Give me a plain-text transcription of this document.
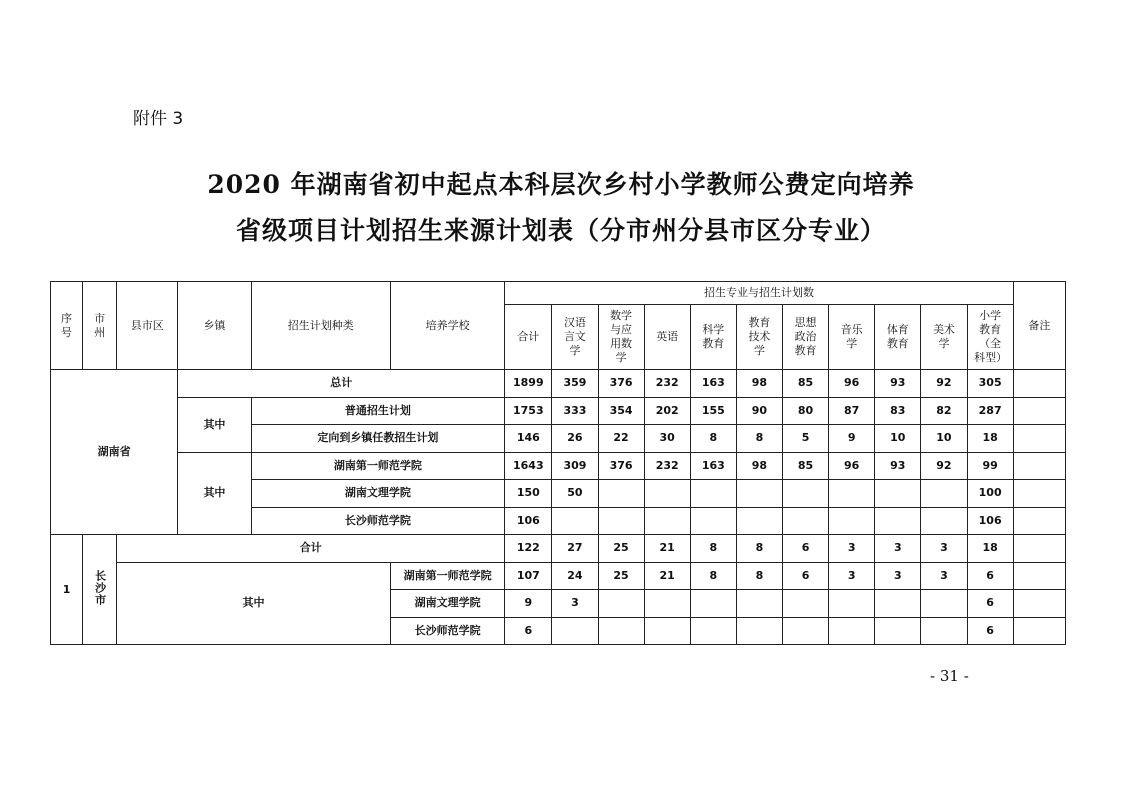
附件 3
2020 年湖南省初中起点本科层次乡村小学教师公费定向培养
省级项目计划招生来源计划表（分市州分县市区分专业）
序号	市州	县市区	乡镇	招生计划种类	培养学校	招生专业与招生计划数											备注
						合计	汉语言文学	数学与应用数学	英语	科学教育	教育技术学	思想政治教育	音乐学	体育教育	美术学	小学教育（全科型）	
湖南省			总计			1899	359	376	232	163	98	85	96	93	92	305	
			其中	普通招生计划		1753	333	354	202	155	90	80	87	83	82	287	
				定向到乡镇任教招生计划		146	26	22	30	8	8	5	9	10	10	18	
			其中	湖南第一师范学院		1643	309	376	232	163	98	85	96	93	92	99	
				湖南文理学院		150	50									100	
				长沙师范学院		106										106	
1	长沙市	合计				122	27	25	21	8	8	6	3	3	3	18	
		其中			湖南第一师范学院	107	24	25	21	8	8	6	3	3	3	6	
					湖南文理学院	9	3									6	
					长沙师范学院	6										6	
- 31 -
